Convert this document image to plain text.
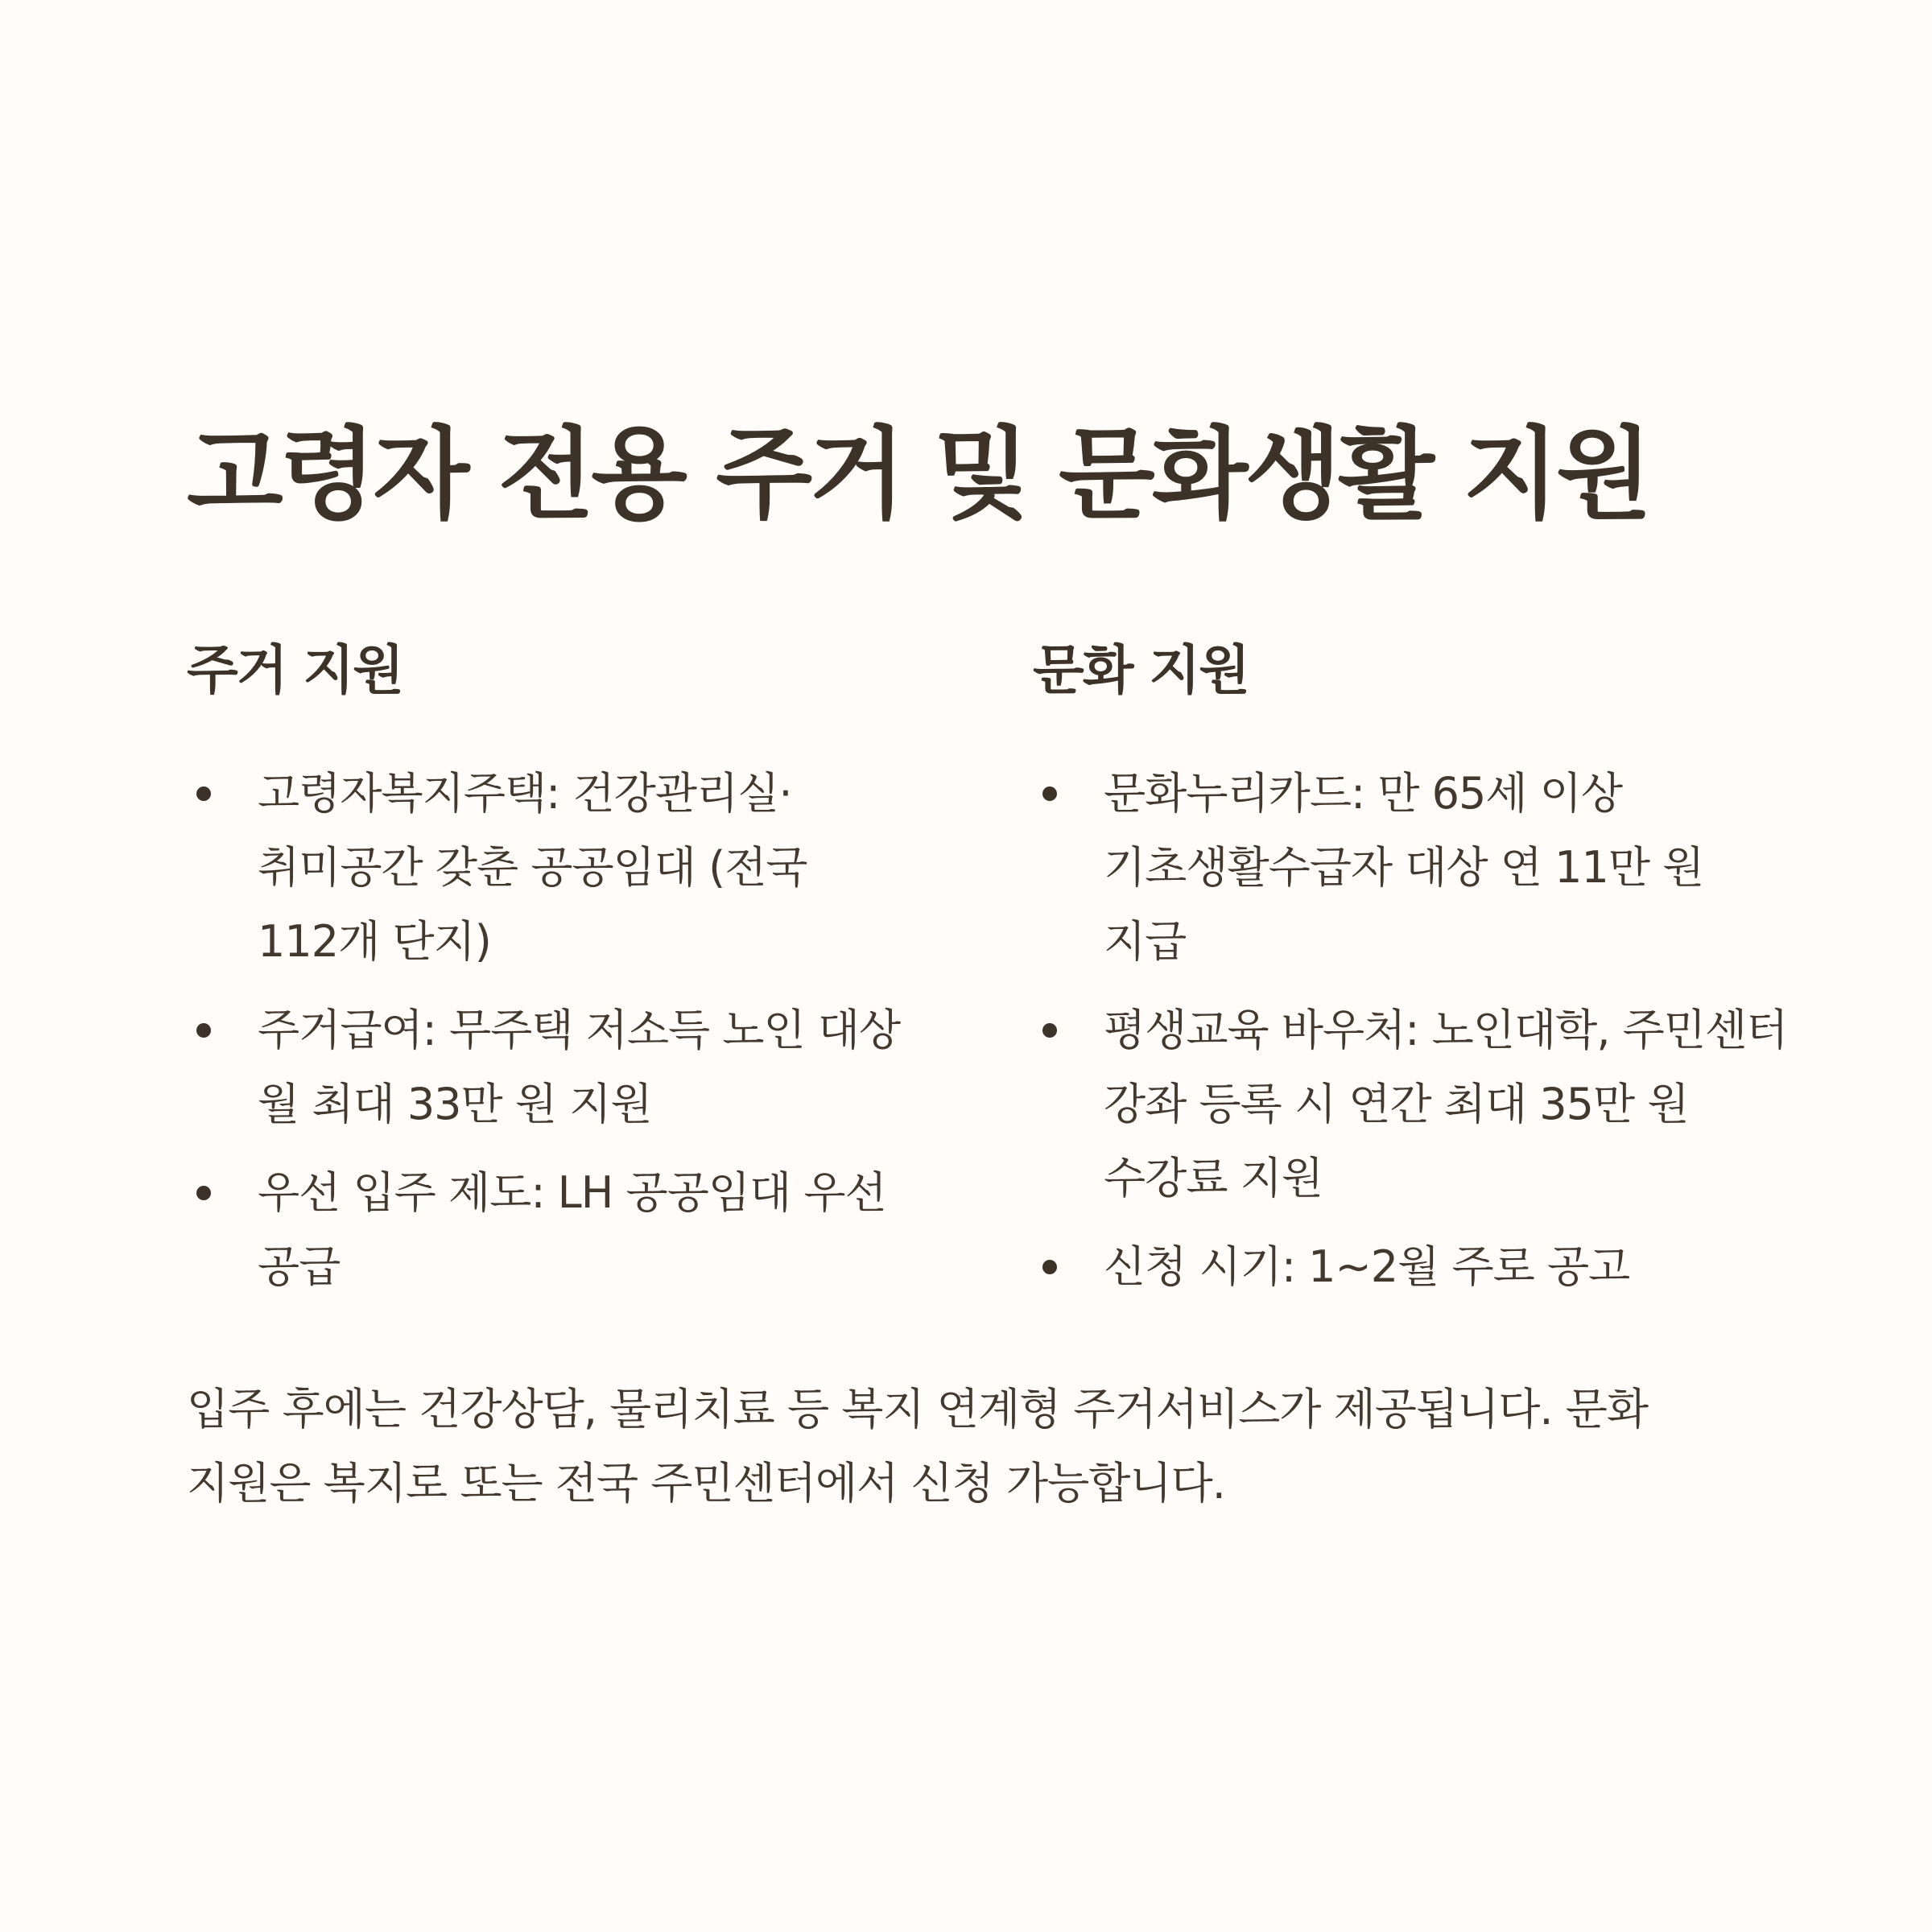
고령자 전용 주거 및 문화생활 지원
주거 지원
고령자복지주택: 건강관리실·취미공간 갖춘 공공임대 (전국 112개 단지)
주거급여: 무주택 저소득 노인 대상 월 최대 33만 원 지원
우선 입주 제도: LH 공공임대 우선 공급
문화 지원
문화누리카드: 만 65세 이상 기초생활수급자 대상 연 11만 원 지급
평생교육 바우처: 노인대학, 주민센터 강좌 등록 시 연간 최대 35만 원 수강료 지원
신청 시기: 1~2월 주로 공고

입주 후에는 건강상담, 물리치료 등 복지 연계형 주거서비스가 제공됩니다. 문화 지원은 복지로 또는 전국 주민센터에서 신청 가능합니다.
